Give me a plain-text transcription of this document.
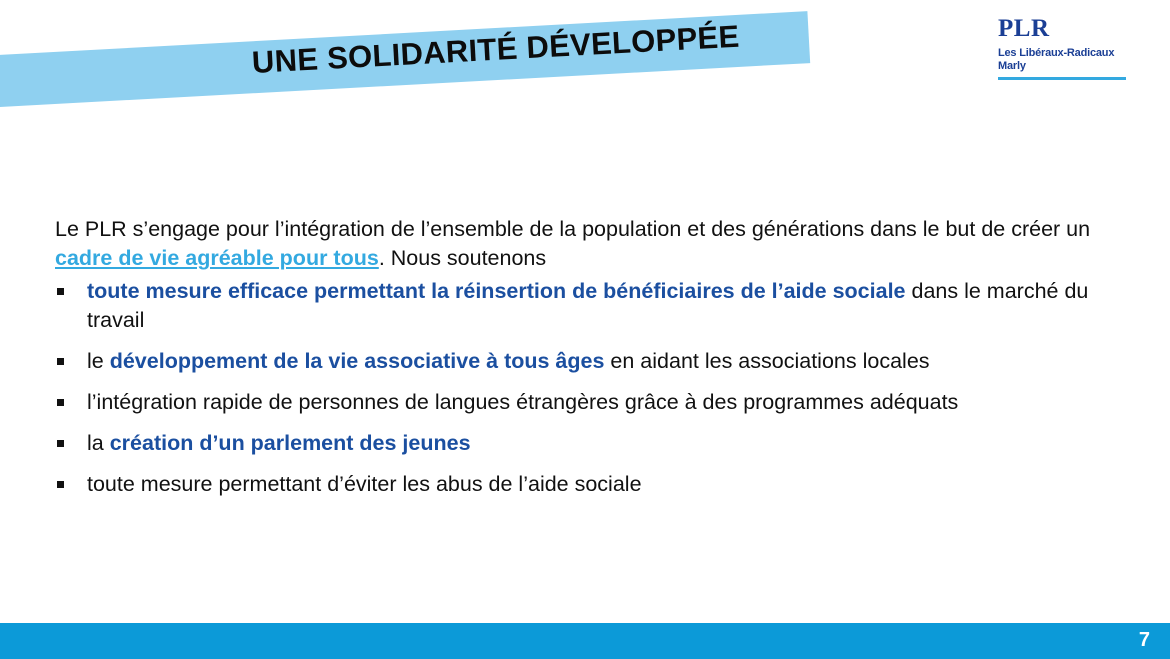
UNE SOLIDARITÉ DÉVELOPPÉE	PLR
Les Libéraux-Radicaux
Marly

Le PLR s’engage pour l’intégration de l’ensemble de la population et des générations dans le but de créer un cadre de vie agréable pour tous. Nous soutenons

toute mesure efficace permettant la réinsertion de bénéficiaires de l’aide sociale dans le marché du travail
le développement de la vie associative à tous âges en aidant les associations locales
l’intégration rapide de personnes de langues étrangères grâce à des programmes adéquats
la création d’un parlement des jeunes
toute mesure permettant d’éviter les abus de l’aide sociale
7
